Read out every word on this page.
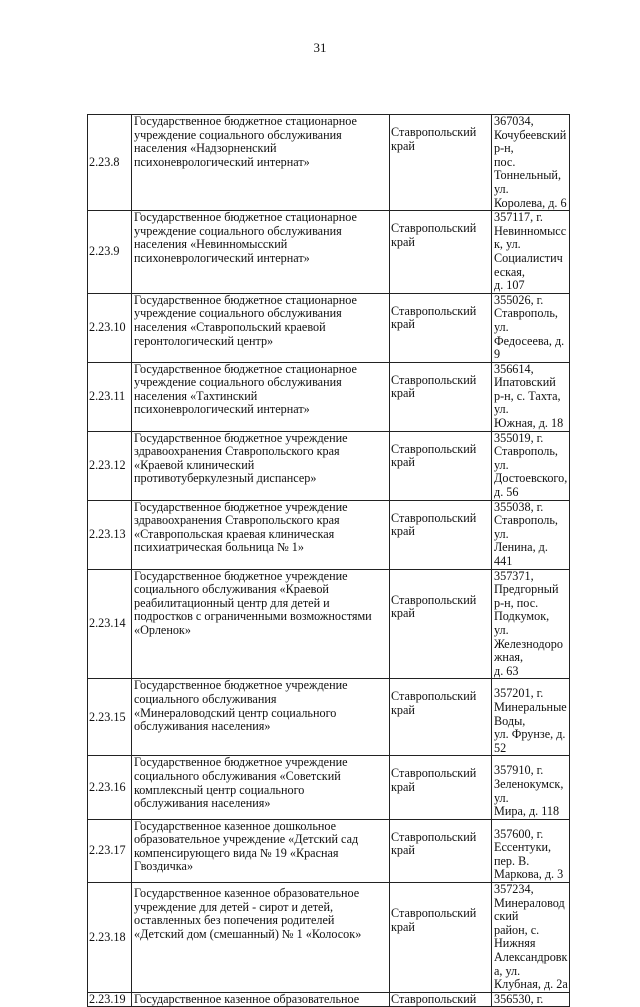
31
2.23.8	Государственное бюджетное стационарное
учреждение социального обслуживания
населения «Надзорненский
психоневрологический интернат»	Ставропольский
край	367034,
Кочубеевский р-н,
пос. Тоннельный, ул.
Королева, д. 6
2.23.9	Государственное бюджетное стационарное
учреждение социального обслуживания
населения «Невинномысский
психоневрологический интернат»	Ставропольский
край	357117, г.
Невинномысск, ул.
Социалистическая,
д. 107
2.23.10	Государственное бюджетное стационарное
учреждение социального обслуживания
населения «Ставропольский краевой
геронтологический центр»	Ставропольский
край	355026, г.
Ставрополь, ул.
Федосеева, д. 9
2.23.11	Государственное бюджетное стационарное
учреждение социального обслуживания
населения «Тахтинский
психоневрологический интернат»	Ставропольский
край	356614, Ипатовский
р-н, с. Тахта, ул.
Южная, д. 18
2.23.12	Государственное бюджетное учреждение
здравоохранения Ставропольского края
«Краевой клинический
противотуберкулезный диспансер»	Ставропольский
край	355019, г.
Ставрополь, ул.
Достоевского, д. 56
2.23.13	Государственное бюджетное учреждение
здравоохранения Ставропольского края
«Ставропольская краевая клиническая
психиатрическая больница № 1»	Ставропольский
край	355038, г.
Ставрополь, ул.
Ленина, д. 441
2.23.14	Государственное бюджетное учреждение
социального обслуживания «Краевой
реабилитационный центр для детей и
подростков с ограниченными возможностями
«Орленок»	Ставропольский
край	357371, Предгорный
р-н, пос. Подкумок,
ул.
Железнодорожная,
д. 63
2.23.15	Государственное бюджетное учреждение
социального обслуживания
«Минераловодский центр социального
обслуживания населения»	Ставропольский
край	357201, г.
Минеральные Воды,
ул. Фрунзе, д. 52
2.23.16	Государственное бюджетное учреждение
социального обслуживания «Советский
комплексный центр социального
обслуживания населения»	Ставропольский
край	357910, г.
Зеленокумск, ул.
Мира, д. 118
2.23.17	Государственное казенное дошкольное
образовательное учреждение «Детский сад
компенсирующего вида № 19 «Красная
Гвоздичка»	Ставропольский
край	357600, г.
Ессентуки, пер. В.
Маркова, д. 3
2.23.18	Государственное казенное образовательное
учреждение для детей - сирот и детей,
оставленных без попечения родителей
«Детский дом (смешанный) № 1 «Колосок»	Ставропольский
край	357234,
Минераловодский
район, с. Нижняя
Александровка, ул.
Клубная, д. 2а
2.23.19	Государственное казенное образовательное	Ставропольский	356530, г.
